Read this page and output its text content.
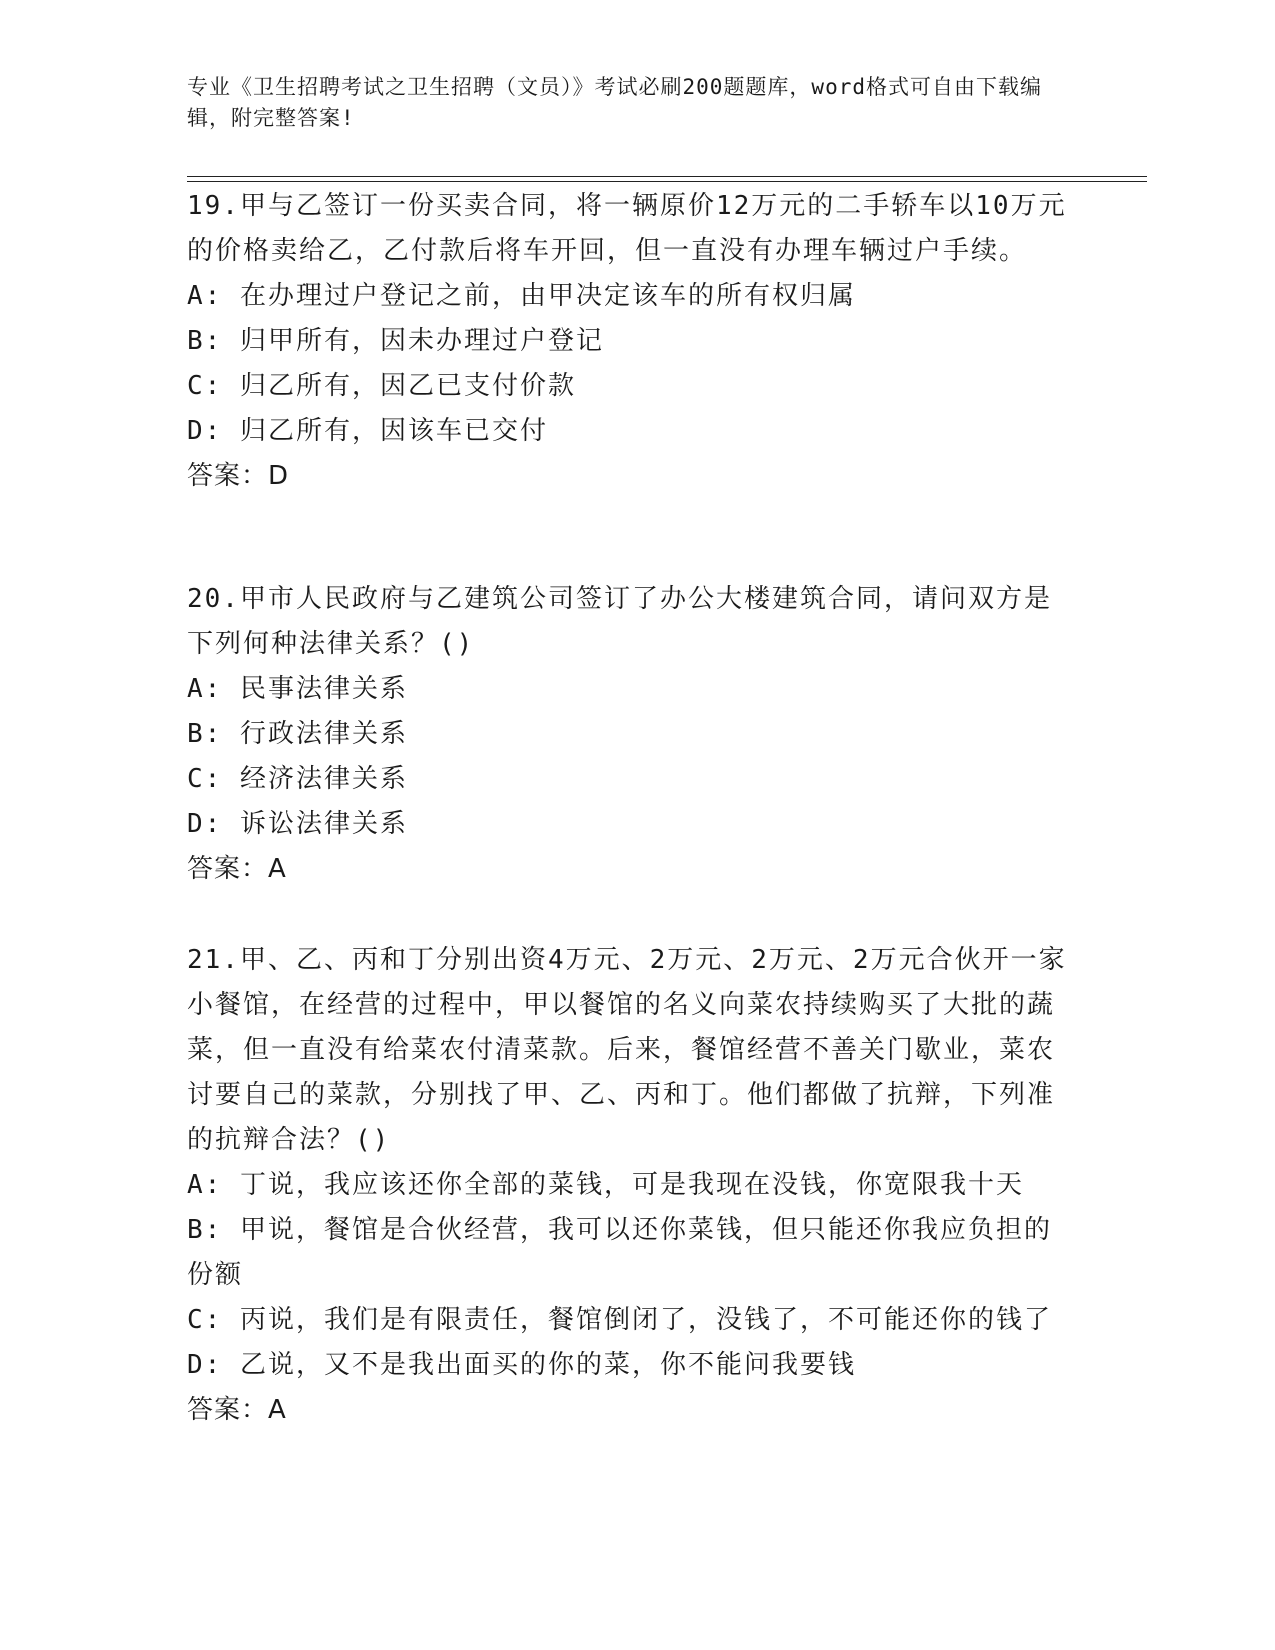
专业《卫生招聘考试之卫生招聘（文员）》考试必刷200题题库，word格式可自由下载编辑，附完整答案!

19.甲与乙签订一份买卖合同，将一辆原价12万元的二手轿车以10万元的价格卖给乙，乙付款后将车开回，但一直没有办理车辆过户手续。

A: 在办理过户登记之前，由甲决定该车的所有权归属

B: 归甲所有，因未办理过户登记

C: 归乙所有，因乙已支付价款

D: 归乙所有，因该车已交付

答案：D

20.甲市人民政府与乙建筑公司签订了办公大楼建筑合同，请问双方是下列何种法律关系？()

A: 民事法律关系

B: 行政法律关系

C: 经济法律关系

D: 诉讼法律关系

答案：A

21.甲、乙、丙和丁分别出资4万元、2万元、2万元、2万元合伙开一家小餐馆，在经营的过程中，甲以餐馆的名义向菜农持续购买了大批的蔬菜，但一直没有给菜农付清菜款。后来，餐馆经营不善关门歇业，菜农讨要自己的菜款，分别找了甲、乙、丙和丁。他们都做了抗辩，下列准的抗辩合法？()

A: 丁说，我应该还你全部的菜钱，可是我现在没钱，你宽限我十天

B: 甲说，餐馆是合伙经营，我可以还你菜钱，但只能还你我应负担的份额

C: 丙说，我们是有限责任，餐馆倒闭了，没钱了，不可能还你的钱了

D: 乙说，又不是我出面买的你的菜，你不能问我要钱

答案：A
